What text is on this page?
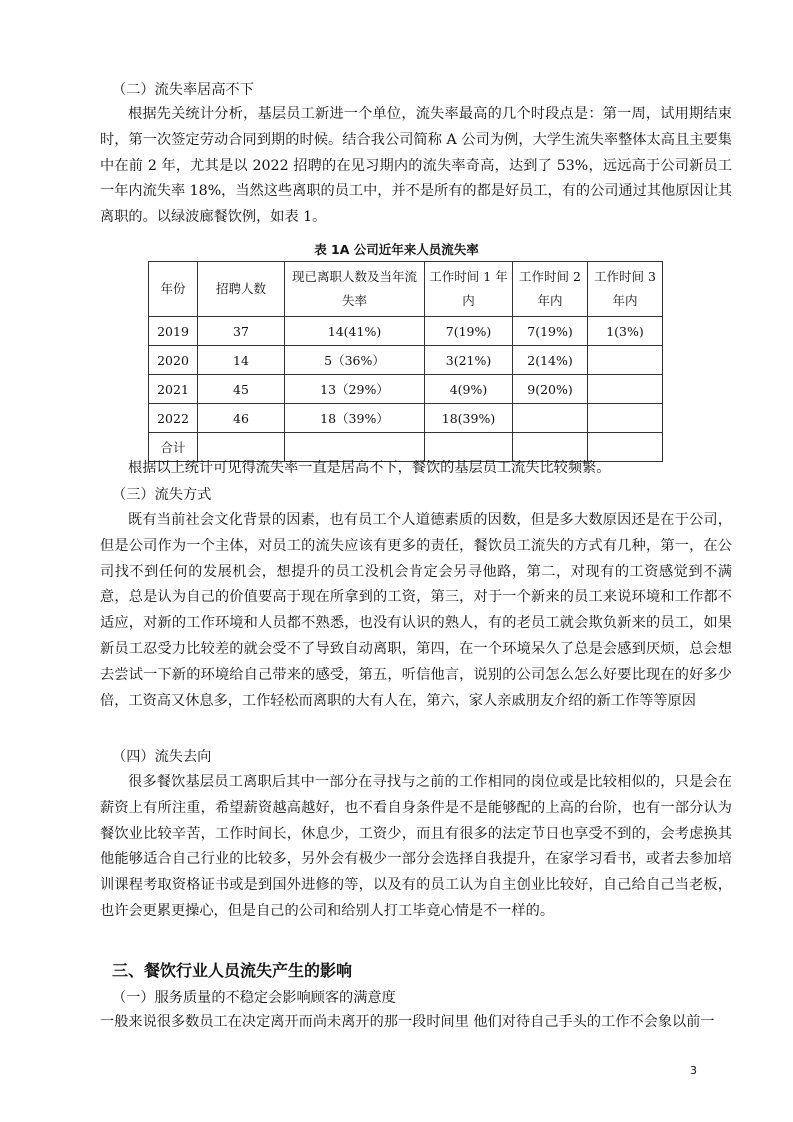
（二）流失率居高不下

根据先关统计分析，基层员工新进一个单位，流失率最高的几个时段点是：第一周，试用期结束时，第一次签定劳动合同到期的时候。结合我公司简称 A 公司为例，大学生流失率整体太高且主要集中在前 2 年，尤其是以 2022 招聘的在见习期内的流失率奇高，达到了 53%，远远高于公司新员工一年内流失率 18%，当然这些离职的员工中，并不是所有的都是好员工，有的公司通过其他原因让其离职的。以绿波廊餐饮例，如表 1。

表 1A 公司近年来人员流失率
年份	招聘人数	现已离职人数及当年流失率	工作时间 1 年内	工作时间 2 年内	工作时间 3 年内
2019	37	14(41%)	7(19%)	7(19%)	1(3%)
2020	14	5（36%）	3(21%)	2(14%)	
2021	45	13（29%）	4(9%)	9(20%)	
2022	46	18（39%）	18(39%)		
合计					

根据以上统计可见得流失率一直是居高不下，餐饮的基层员工流失比较频繁。

（三）流失方式

既有当前社会文化背景的因素，也有员工个人道德素质的因数，但是多大数原因还是在于公司，但是公司作为一个主体，对员工的流失应该有更多的责任，餐饮员工流失的方式有几种，第一，在公司找不到任何的发展机会，想提升的员工没机会肯定会另寻他路，第二，对现有的工资感觉到不满意，总是认为自己的价值要高于现在所拿到的工资，第三，对于一个新来的员工来说环境和工作都不适应，对新的工作环境和人员都不熟悉，也没有认识的熟人，有的老员工就会欺负新来的员工，如果新员工忍受力比较差的就会受不了导致自动离职，第四，在一个环境呆久了总是会感到厌烦，总会想去尝试一下新的环境给自己带来的感受，第五，听信他言，说别的公司怎么怎么好要比现在的好多少倍，工资高又休息多，工作轻松而离职的大有人在，第六，家人亲戚朋友介绍的新工作等等原因

（四）流失去向

很多餐饮基层员工离职后其中一部分在寻找与之前的工作相同的岗位或是比较相似的，只是会在薪资上有所注重，希望薪资越高越好，也不看自身条件是不是能够配的上高的台阶，也有一部分认为餐饮业比较辛苦，工作时间长，休息少，工资少，而且有很多的法定节日也享受不到的，会考虑换其他能够适合自己行业的比较多，另外会有极少一部分会选择自我提升，在家学习看书，或者去参加培训课程考取资格证书或是到国外进修的等，以及有的员工认为自主创业比较好，自己给自己当老板，也许会更累更操心，但是自己的公司和给别人打工毕竟心情是不一样的。

三、餐饮行业人员流失产生的影响

（一）服务质量的不稳定会影响顾客的满意度

一般来说很多数员工在决定离开而尚未离开的那一段时间里 他们对待自己手头的工作不会象以前一

3
